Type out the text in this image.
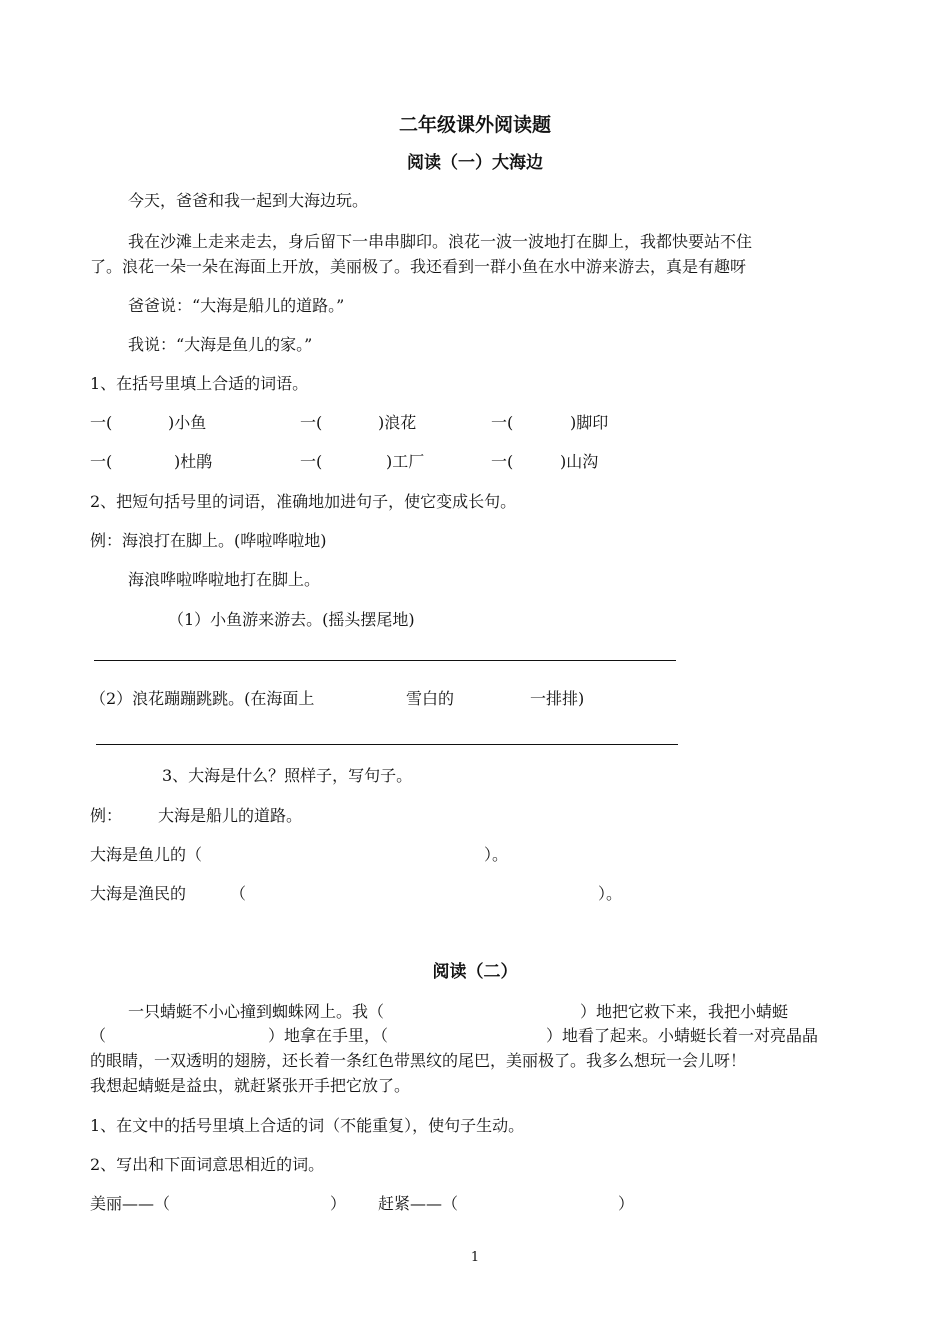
二年级课外阅读题
阅读（一）大海边
今天，爸爸和我一起到大海边玩。
我在沙滩上走来走去，身后留下一串串脚印。浪花一波一波地打在脚上，我都快要站不住
了。浪花一朵一朵在海面上开放，美丽极了。我还看到一群小鱼在水中游来游去，真是有趣呀
爸爸说：“大海是船儿的道路。”
我说：“大海是鱼儿的家。”
1、在括号里填上合适的词语。
一(	)小鱼	一(	)浪花	一(	)脚印
一(	)杜鹃	一(	)工厂	一(	)山沟
2、把短句括号里的词语，准确地加进句子，使它变成长句。
例：海浪打在脚上。(哗啦哗啦地)
海浪哗啦哗啦地打在脚上。
（1）小鱼游来游去。(摇头摆尾地)
（2）浪花蹦蹦跳跳。(在海面上	雪白的	一排排)
3、大海是什么？照样子，写句子。
例： 大海是船儿的道路。
大海是鱼儿的（	）。
大海是渔民的	（	）。
阅读（二）
一只蜻蜓不小心撞到蜘蛛网上。我（	）地把它救下来，我把小蜻蜓
（	）地拿在手里，（	）地看了起来。小蜻蜓长着一对亮晶晶
的眼睛，一双透明的翅膀，还长着一条红色带黑纹的尾巴，美丽极了。我多么想玩一会儿呀！
我想起蜻蜓是益虫，就赶紧张开手把它放了。
1、在文中的括号里填上合适的词（不能重复），使句子生动。
2、写出和下面词意思相近的词。
美丽——（	） 赶紧——（	）
1
